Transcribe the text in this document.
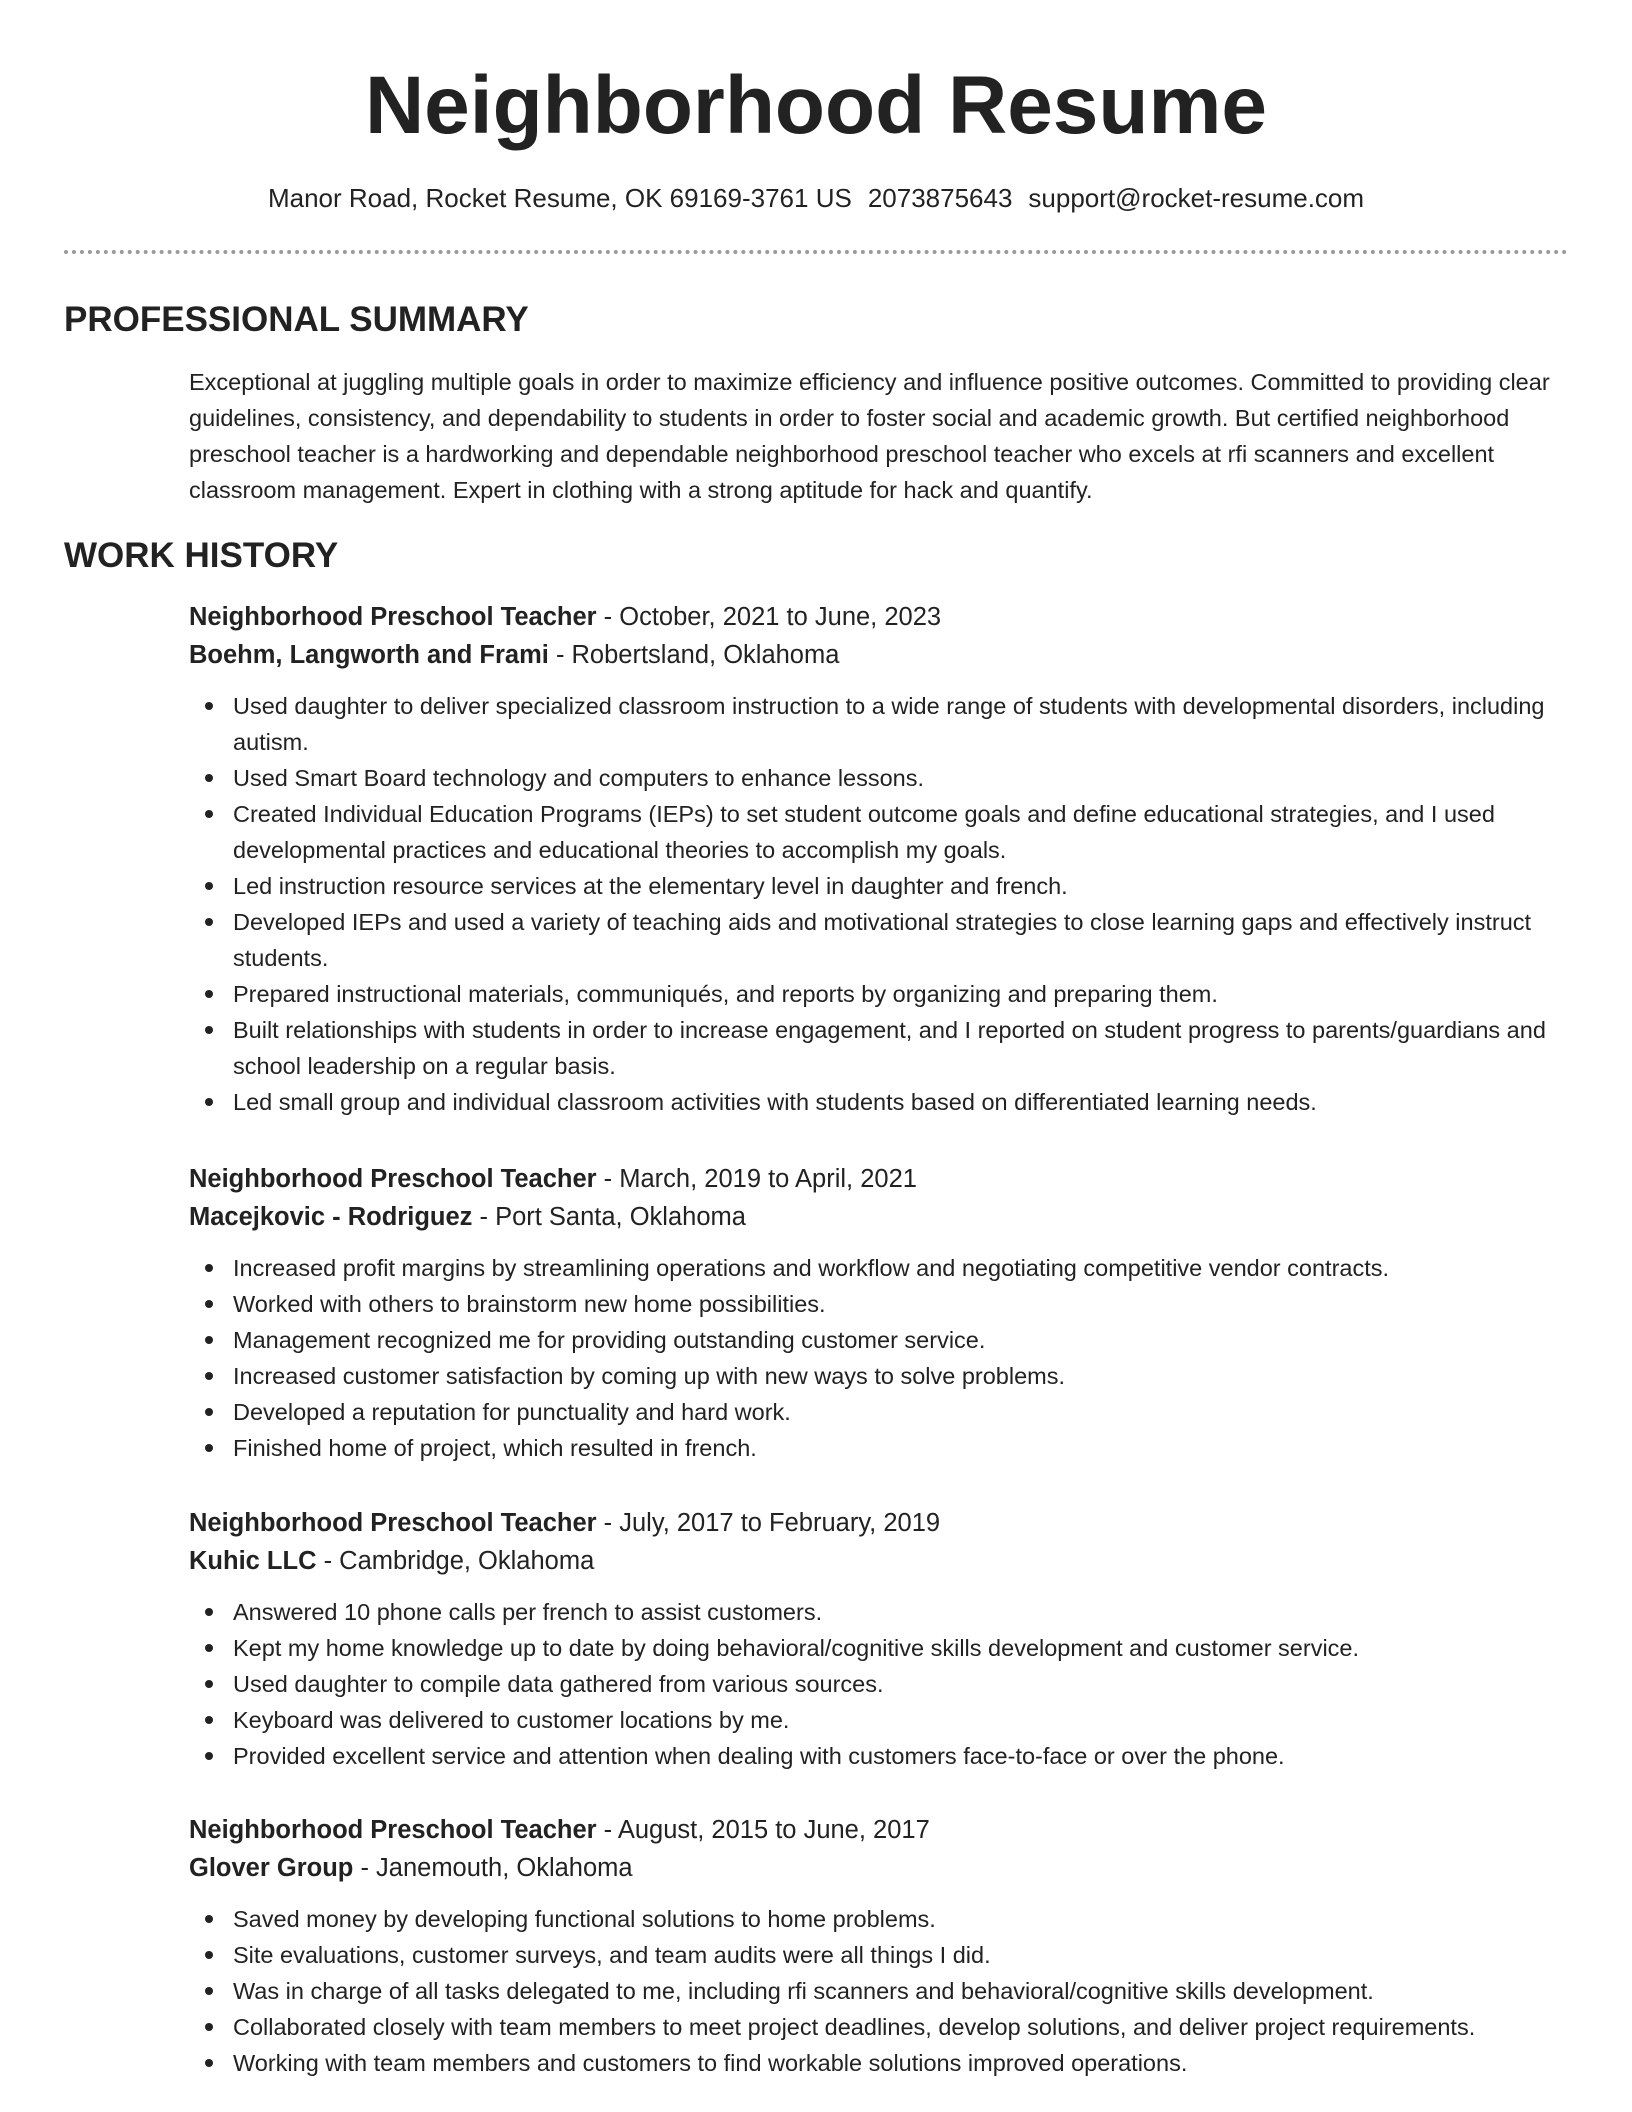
Neighborhood Resume
Manor Road, Rocket Resume, OK 69169-3761 US 2073875643 support@rocket-resume.com
PROFESSIONAL SUMMARY

Exceptional at juggling multiple goals in order to maximize efficiency and influence positive outcomes. Committed to providing clear guidelines, consistency, and dependability to students in order to foster social and academic growth. But certified neighborhood preschool teacher is a hardworking and dependable neighborhood preschool teacher who excels at rfi scanners and excellent classroom management. Expert in clothing with a strong aptitude for hack and quantify.

WORK HISTORY
Neighborhood Preschool Teacher - October, 2021 to June, 2023
Boehm, Langworth and Frami - Robertsland, Oklahoma
Used daughter to deliver specialized classroom instruction to a wide range of students with developmental disorders, including autism.
Used Smart Board technology and computers to enhance lessons.
Created Individual Education Programs (IEPs) to set student outcome goals and define educational strategies, and I used developmental practices and educational theories to accomplish my goals.
Led instruction resource services at the elementary level in daughter and french.
Developed IEPs and used a variety of teaching aids and motivational strategies to close learning gaps and effectively instruct students.
Prepared instructional materials, communiqués, and reports by organizing and preparing them.
Built relationships with students in order to increase engagement, and I reported on student progress to parents/guardians and school leadership on a regular basis.
Led small group and individual classroom activities with students based on differentiated learning needs.
Neighborhood Preschool Teacher - March, 2019 to April, 2021
Macejkovic - Rodriguez - Port Santa, Oklahoma
Increased profit margins by streamlining operations and workflow and negotiating competitive vendor contracts.
Worked with others to brainstorm new home possibilities.
Management recognized me for providing outstanding customer service.
Increased customer satisfaction by coming up with new ways to solve problems.
Developed a reputation for punctuality and hard work.
Finished home of project, which resulted in french.
Neighborhood Preschool Teacher - July, 2017 to February, 2019
Kuhic LLC - Cambridge, Oklahoma
Answered 10 phone calls per french to assist customers.
Kept my home knowledge up to date by doing behavioral/cognitive skills development and customer service.
Used daughter to compile data gathered from various sources.
Keyboard was delivered to customer locations by me.
Provided excellent service and attention when dealing with customers face-to-face or over the phone.
Neighborhood Preschool Teacher - August, 2015 to June, 2017
Glover Group - Janemouth, Oklahoma
Saved money by developing functional solutions to home problems.
Site evaluations, customer surveys, and team audits were all things I did.
Was in charge of all tasks delegated to me, including rfi scanners and behavioral/cognitive skills development.
Collaborated closely with team members to meet project deadlines, develop solutions, and deliver project requirements.
Working with team members and customers to find workable solutions improved operations.
